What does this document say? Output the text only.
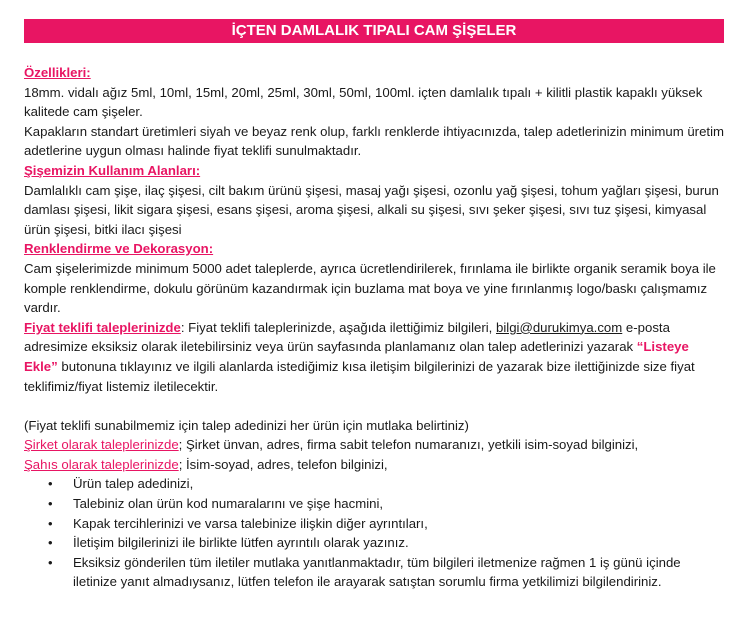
İÇTEN DAMLALIK TIPALI CAM ŞİŞELER

Özellikleri:

18mm. vidalı ağız 5ml, 10ml, 15ml, 20ml, 25ml, 30ml, 50ml, 100ml. içten damlalık tıpalı + kilitli plastik kapaklı yüksek kalitede cam şişeler.

Kapakların standart üretimleri siyah ve beyaz renk olup, farklı renklerde ihtiyacınızda, talep adetlerinizin minimum üretim adetlerine uygun olması halinde fiyat teklifi sunulmaktadır.

Şişemizin Kullanım Alanları:

Damlalıklı cam şişe, ilaç şişesi, cilt bakım ürünü şişesi, masaj yağı şişesi, ozonlu yağ şişesi, tohum yağları şişesi, burun damlası şişesi, likit sigara şişesi, esans şişesi, aroma şişesi, alkali su şişesi, sıvı şeker şişesi, sıvı tuz şişesi, kimyasal ürün şişesi, bitki ilacı şişesi

Renklendirme ve Dekorasyon:

Cam şişelerimizde minimum 5000 adet taleplerde, ayrıca ücretlendirilerek, fırınlama ile birlikte organik seramik boya ile komple renklendirme, dokulu görünüm kazandırmak için buzlama mat boya ve yine fırınlanmış logo/baskı çalışmamız vardır.

Fiyat teklifi taleplerinizde: Fiyat teklifi taleplerinizde, aşağıda ilettiğimiz bilgileri, bilgi@durukimya.com e-posta adresimize eksiksiz olarak iletebilirsiniz veya ürün sayfasında planlamanız olan talep adetlerinizi yazarak “Listeye Ekle” butonuna tıklayınız ve ilgili alanlarda istediğimiz kısa iletişim bilgilerinizi de yazarak bize ilettiğinizde size fiyat teklifimiz/fiyat listemiz iletilecektir.

(Fiyat teklifi sunabilmemiz için talep adedinizi her ürün için mutlaka belirtiniz)

Şirket olarak taleplerinizde; Şirket ünvan, adres, firma sabit telefon numaranızı, yetkili isim-soyad bilginizi,

Şahıs olarak taleplerinizde; İsim-soyad, adres, telefon bilginizi,

• Ürün talep adedinizi,
• Talebiniz olan ürün kod numaralarını ve şişe hacmini,
• Kapak tercihlerinizi ve varsa talebinize ilişkin diğer ayrıntıları,
• İletişim bilgilerinizi ile birlikte lütfen ayrıntılı olarak yazınız.
• Eksiksiz gönderilen tüm iletiler mutlaka yanıtlanmaktadır, tüm bilgileri iletmenize rağmen 1 iş günü içinde iletinize yanıt almadıysanız, lütfen telefon ile arayarak satıştan sorumlu firma yetkilimizi bilgilendiriniz.
